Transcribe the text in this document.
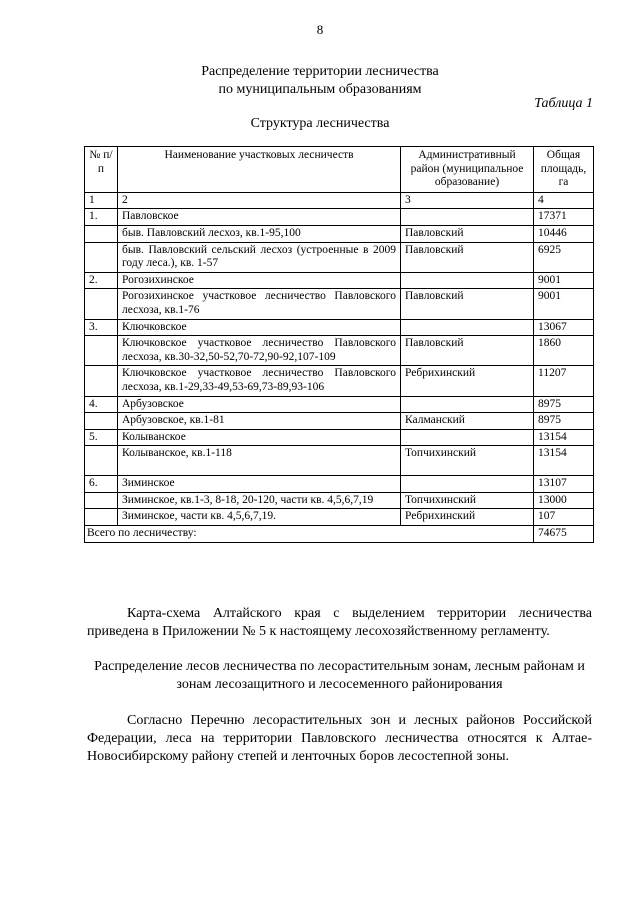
8
Распределение территории лесничества
по муниципальным образованиям
Таблица 1
Структура лесничества
№ п/п	Наименование участковых лесничеств	Административный район (муниципальное образование)	Общая площадь, га
1	2	3	4
1.	Павловское		17371
	быв. Павловский лесхоз, кв.1-95,100	Павловский	10446
	быв. Павловский сельский лесхоз (устроенные в 2009 году леса.), кв. 1-57	Павловский	6925
2.	Рогозихинское		9001
	Рогозихинское участковое лесничество Павловского лесхоза, кв.1-76	Павловский	9001
3.	Ключковское		13067
	Ключковское участковое лесничество Павловского лесхоза, кв.30-32,50-52,70-72,90-92,107-109	Павловский	1860
	Ключковское участковое лесничество Павловского лесхоза, кв.1-29,33-49,53-69,73-89,93-106	Ребрихинский	11207
4.	Арбузовское		8975
	Арбузовское, кв.1-81	Калманский	8975
5.	Колыванское		13154
	Колыванское, кв.1-118	Топчихинский	13154
6.	Зиминское		13107
	Зиминское, кв.1-3, 8-18, 20-120, части кв. 4,5,6,7,19	Топчихинский	13000
	Зиминское, части кв. 4,5,6,7,19.	Ребрихинский	107
Всего по лесничеству:			74675
Карта-схема Алтайского края с выделением территории лесничества приведена в Приложении № 5 к настоящему лесохозяйственному регламенту.
Распределение лесов лесничества по лесорастительным зонам, лесным районам и зонам лесозащитного и лесосеменного районирования
Согласно Перечню лесорастительных зон и лесных районов Российской Федерации, леса на территории Павловского лесничества относятся к Алтае-Новосибирскому району степей и ленточных боров лесостепной зоны.
